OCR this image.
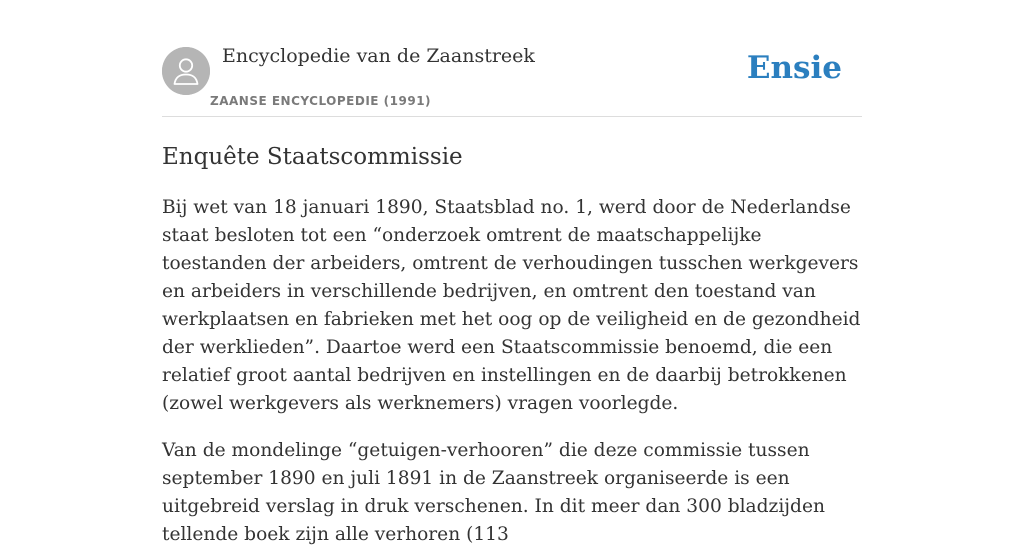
Encyclopedie van de Zaanstreek
ZAANSE ENCYCLOPEDIE (1991)
Ensie
Enquête Staatscommissie

Bij wet van 18 januari 1890, Staatsblad no. 1, werd door de Nederlandse staat besloten tot een “onderzoek omtrent de maatschappelijke toestanden der arbeiders, omtrent de verhoudingen tusschen werkgevers en arbeiders in verschillende bedrijven, en omtrent den toestand van werkplaatsen en fabrieken met het oog op de veiligheid en de gezondheid der werklieden”. Daartoe werd een Staatscommissie benoemd, die een relatief groot aantal bedrijven en instellingen en de daarbij betrokkenen (zowel werkgevers als werknemers) vragen voorlegde.

Van de mondelinge “getuigen-verhooren” die deze commissie tussen september 1890 en juli 1891 in de Zaanstreek organiseerde is een uitgebreid verslag in druk verschenen. In dit meer dan 300 bladzijden tellende boek zijn alle verhoren (113
